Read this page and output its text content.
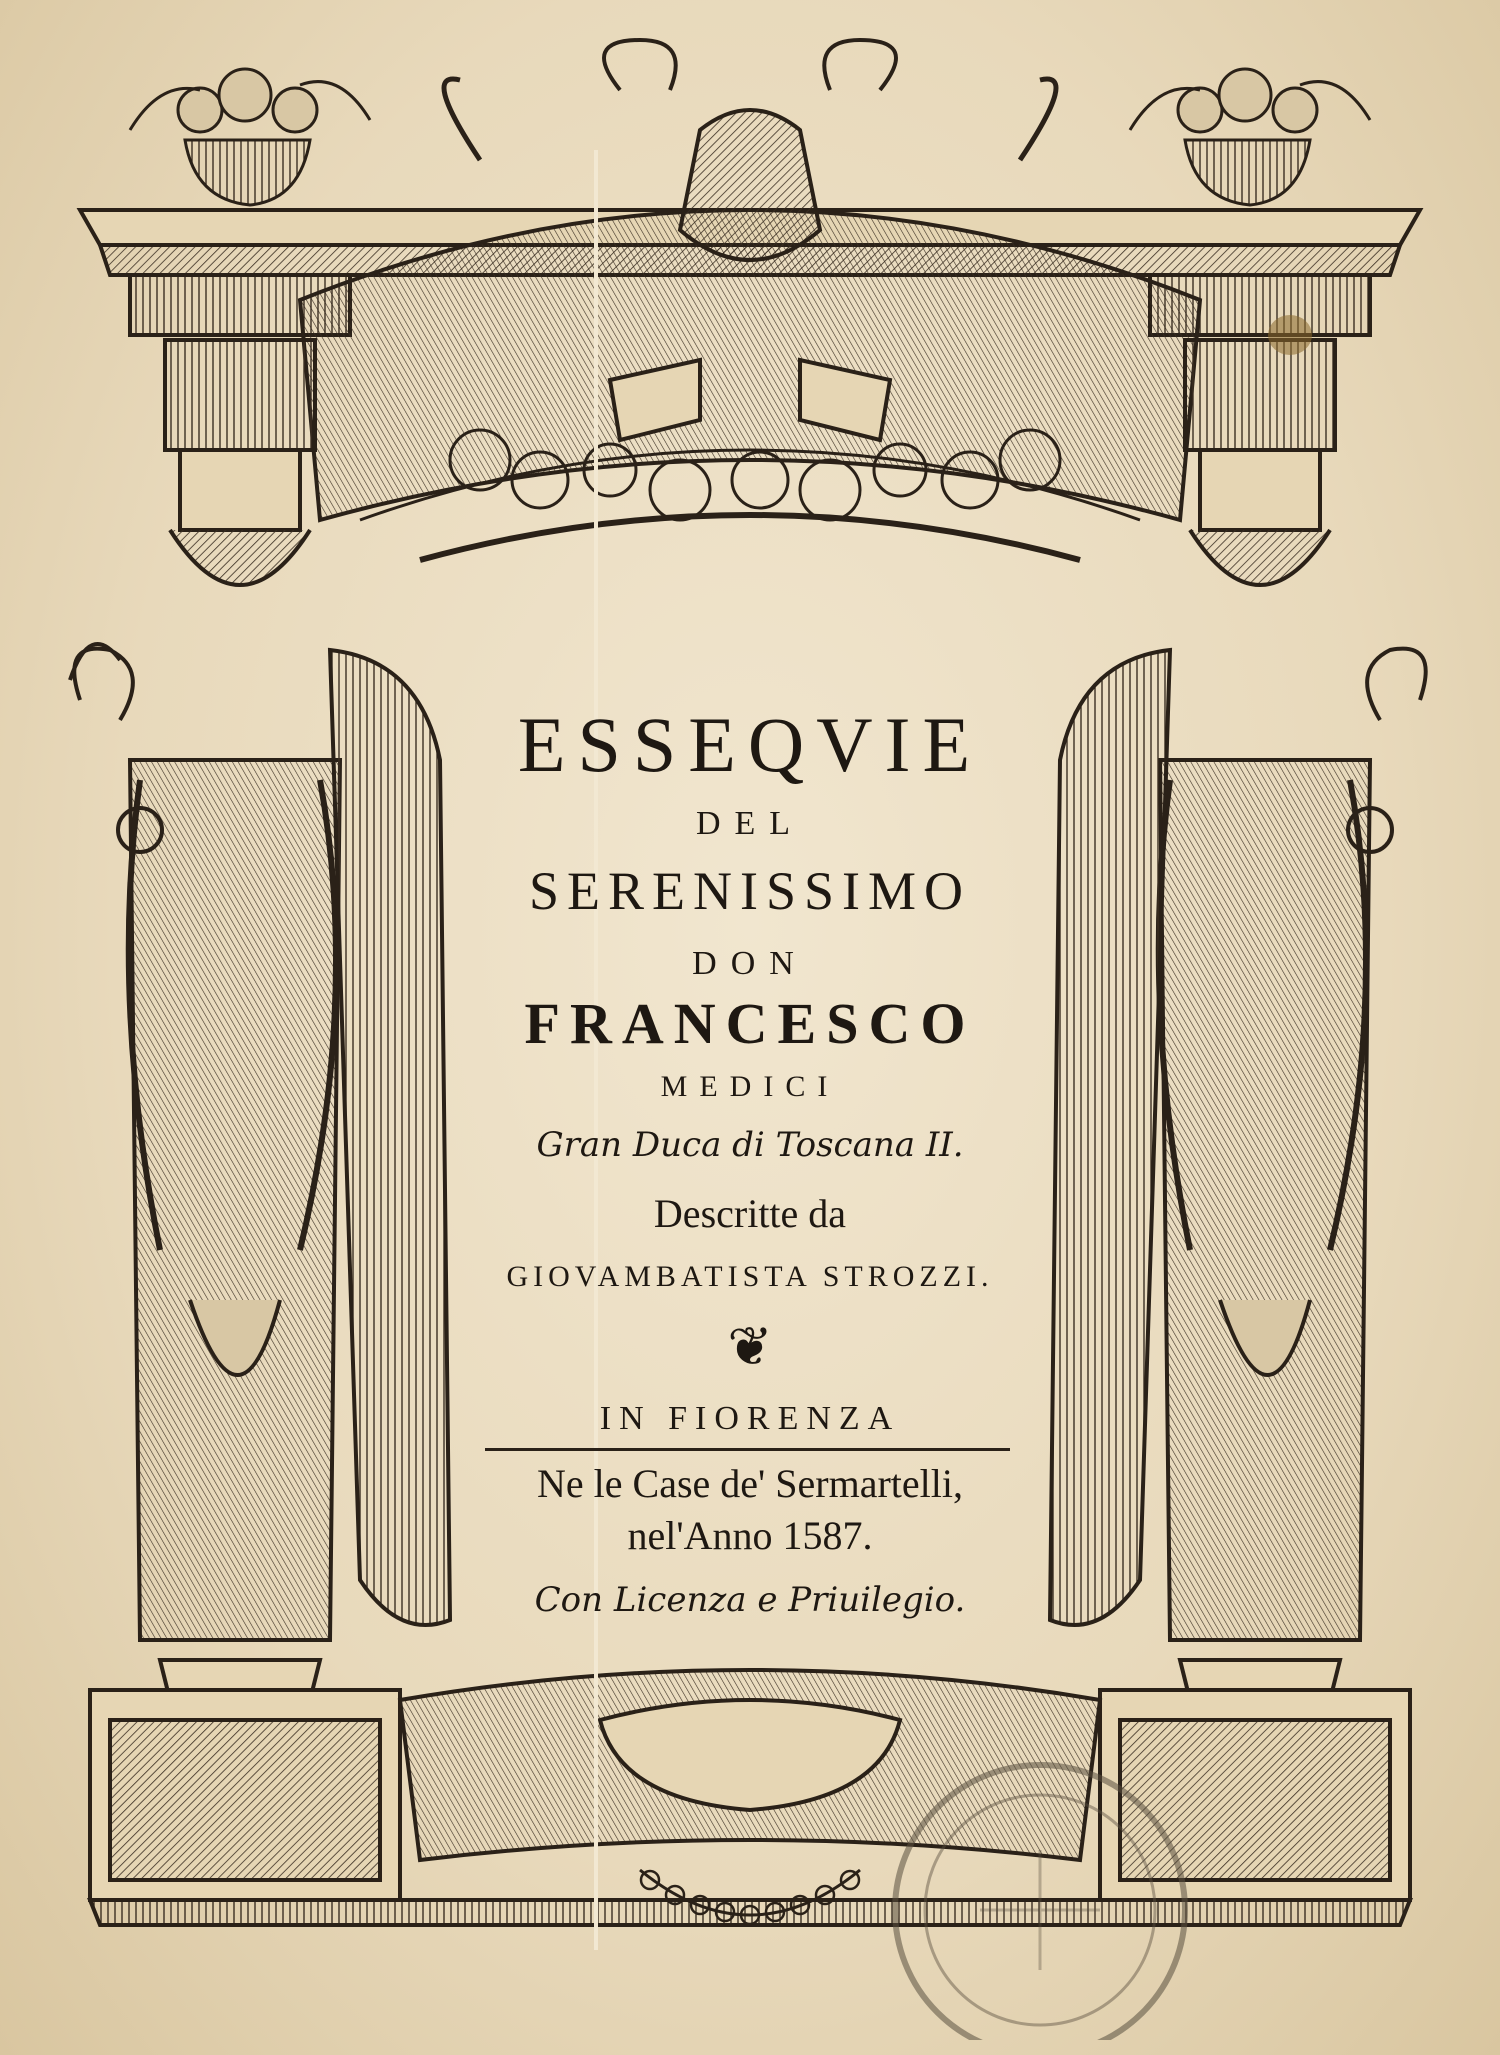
ESSEQVIE
DEL
SERENISSIMO
DON
FRANCESCO
MEDICI
Gran Duca di Toscana II.
Descritte da
GIOVAMBATISTA STROZZI.
❦
IN FIORENZA
Ne le Case de' Sermartelli,
nel'Anno 1587.
Con Licenza e Priuilegio.
